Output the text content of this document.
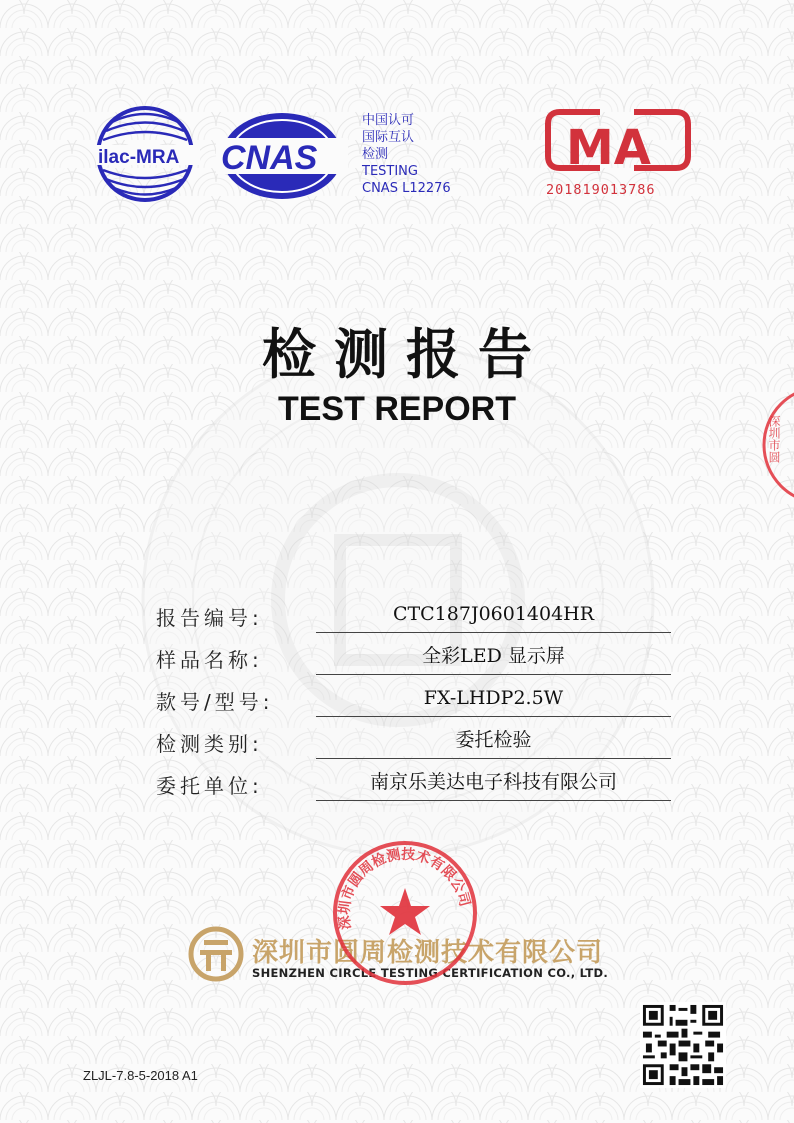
ilac-MRA CNAS	MA
中国认可
国际互认
检测
TESTING
CNAS L12276	201819013786
检测报告
TEST REPORT
报告编号:	CTC187J0601404HR
样品名称:	全彩LED 显示屏
款号/型号:	FX-LHDP2.5W
检测类别:	委托检验
委托单位:	南京乐美达电子科技有限公司
深圳市圆周检测技术有限公司
SHENZHEN CIRCLE TESTING CERTIFICATION CO., LTD.
深圳市圆周检测技术有限公司
深圳市圆
ZLJL-7.8-5-2018 A1
